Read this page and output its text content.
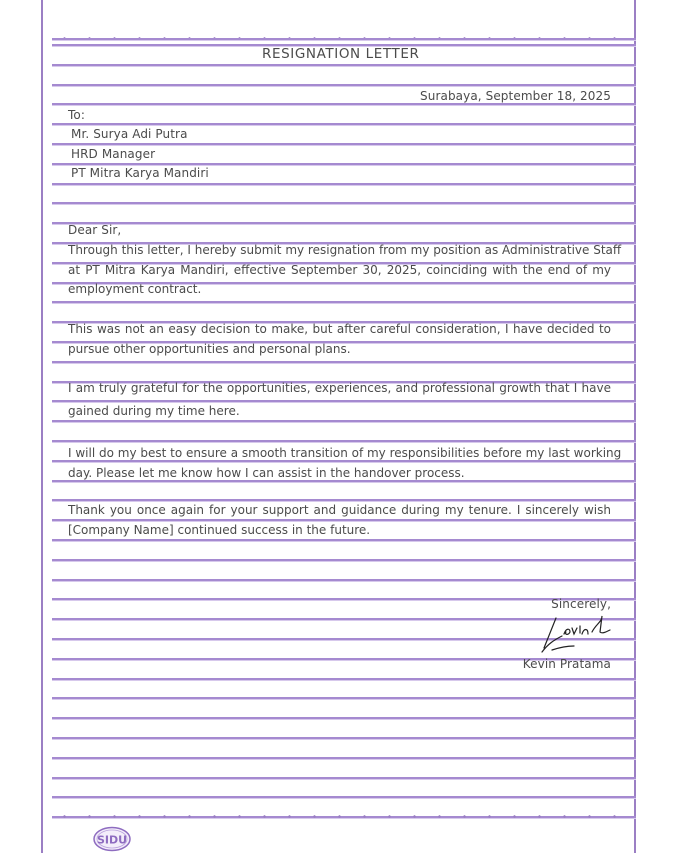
RESIGNATION LETTER
Surabaya, September 18, 2025
To:
Mr. Surya Adi Putra
HRD Manager
PT Mitra Karya Mandiri
Dear Sir,
Through this letter, I hereby submit my resignation from my position as Administrative Staff
at PT Mitra Karya Mandiri, effective September 30, 2025, coinciding with the end of my
employment contract.
This was not an easy decision to make, but after careful consideration, I have decided to
pursue other opportunities and personal plans.
I am truly grateful for the opportunities, experiences, and professional growth that I have
gained during my time here.
I will do my best to ensure a smooth transition of my responsibilities before my last working
day. Please let me know how I can assist in the handover process.
Thank you once again for your support and guidance during my tenure. I sincerely wish
[Company Name] continued success in the future.
Sincerely,
Kevin Pratama
SIDU
